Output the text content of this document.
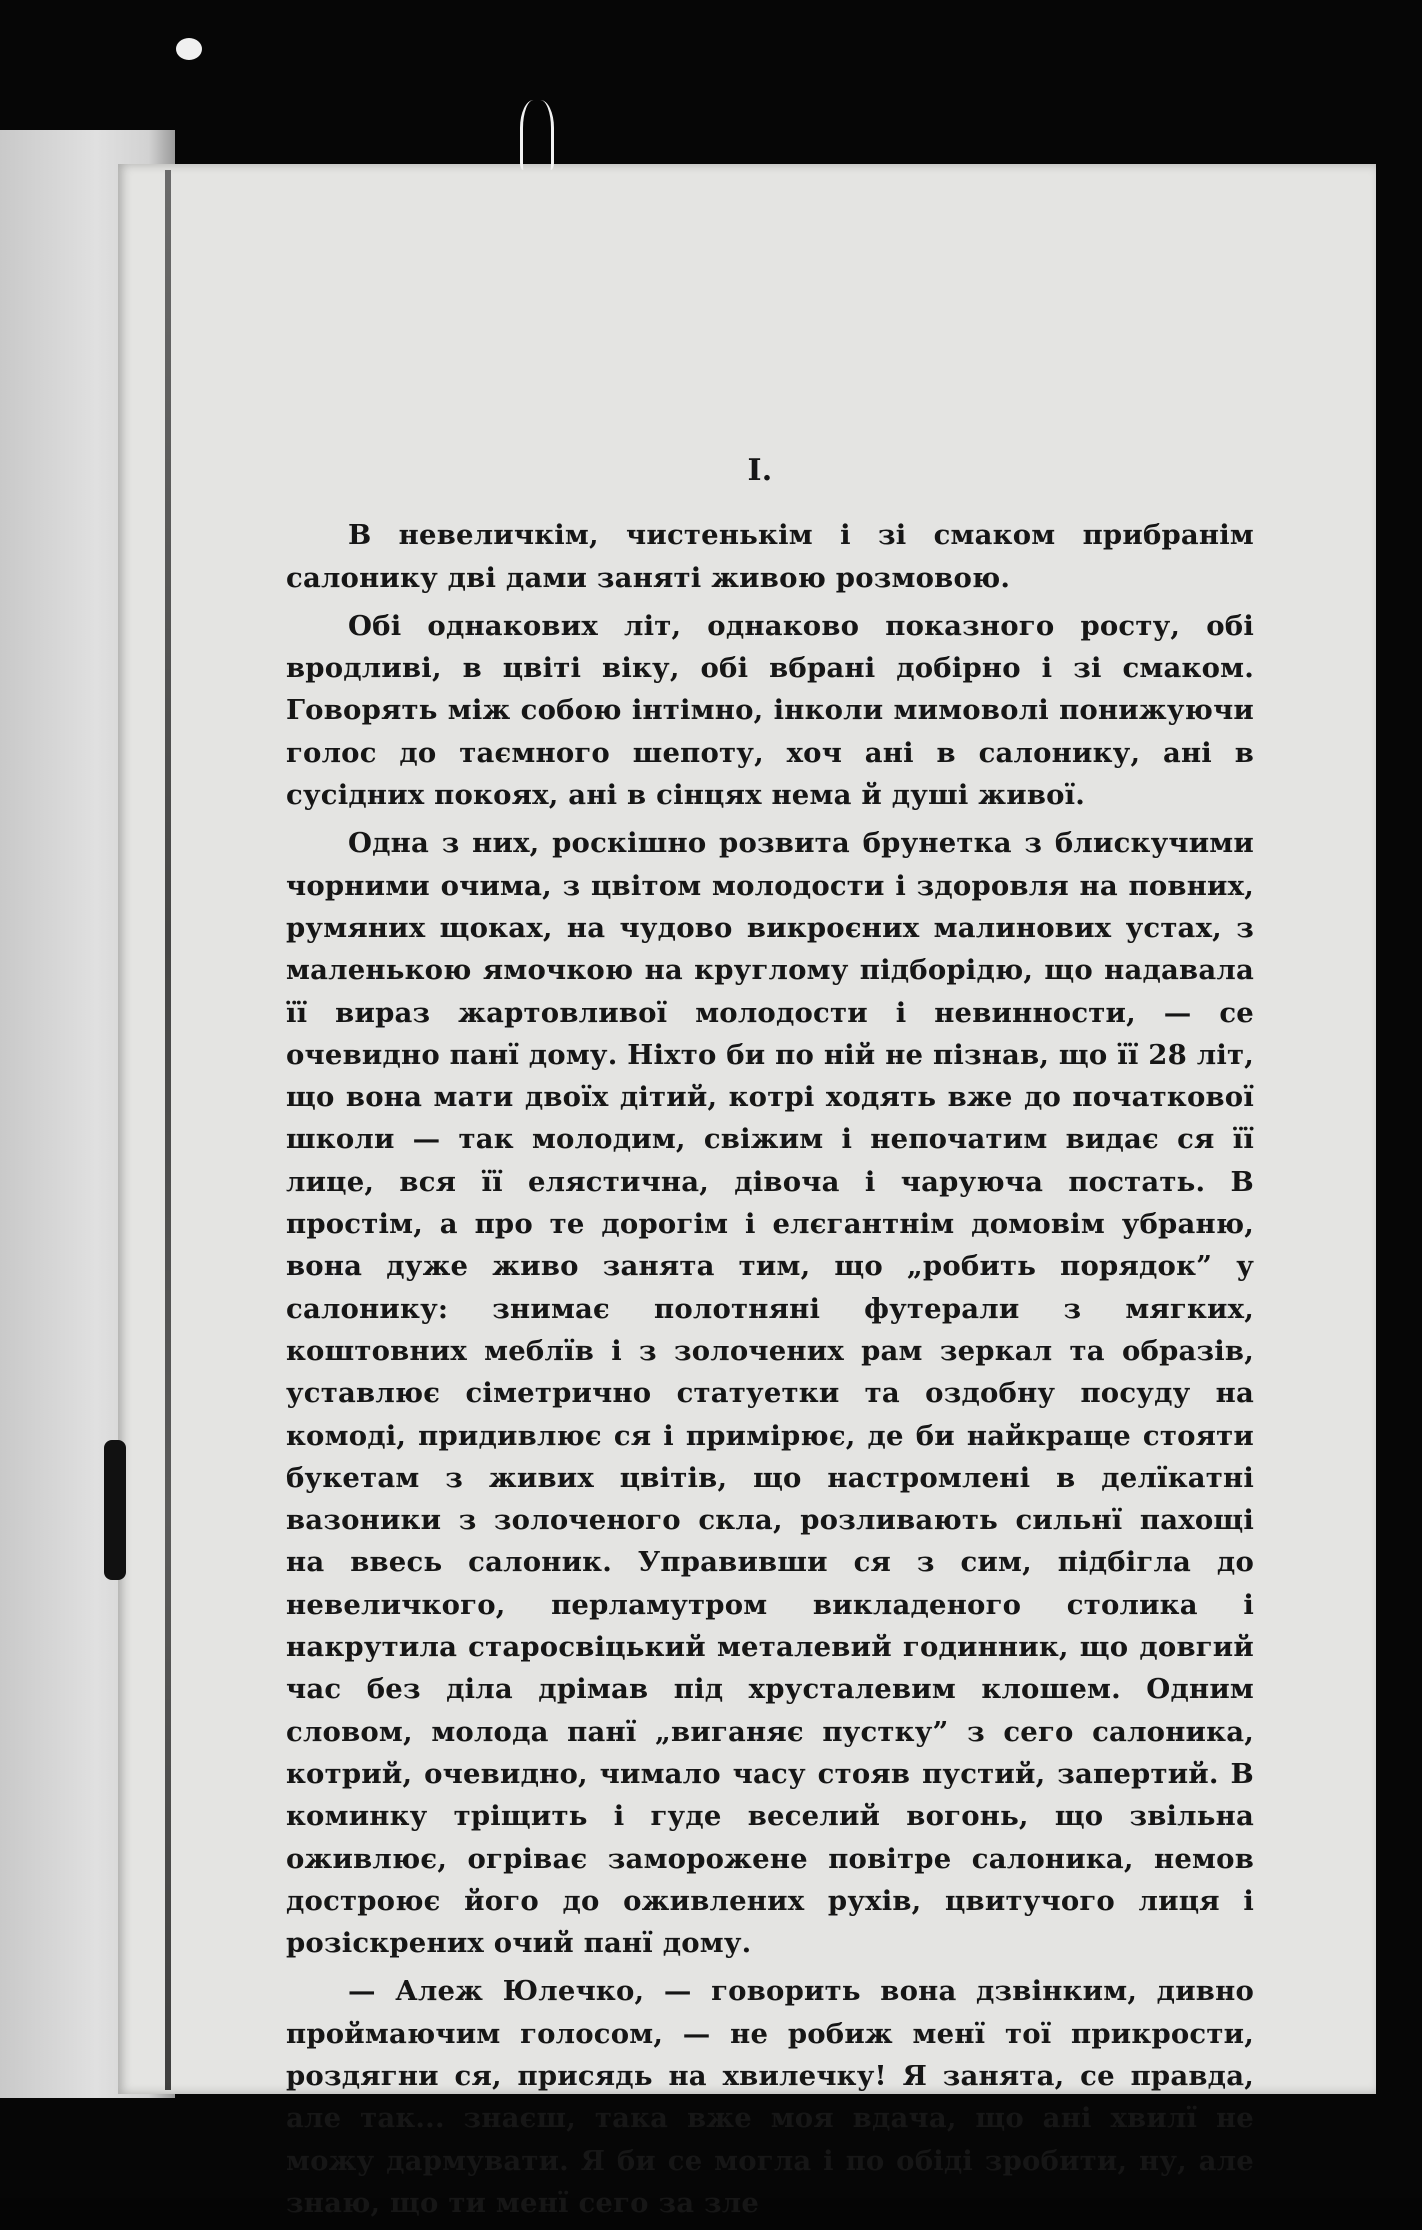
I.

В невеличкім, чистенькім і зі смаком прибранім салонику дві дами заняті живою розмовою.

Обі однакових літ, однаково показного росту, обі вродливі, в цвіті віку, обі вбрані добірно і зі смаком. Говорять між собою інтімно, інколи мимоволі понижуючи голос до таємного шепоту, хоч ані в салонику, ані в сусідних покоях, ані в сінцях нема й душі живої.

Одна з них, роскішно розвита брунетка з блискучими чорними очима, з цвітом молодости і здоровля на повних, румяних щоках, на чудово викроєних малинових устах, з маленькою ямочкою на круглому підборідю, що надавала її вираз жартовливої молодости і невинности, — се очевидно панї дому. Ніхто би по ній не пізнав, що її 28 літ, що вона мати двоїх дітий, котрі ходять вже до початкової школи — так молодим, свіжим і непочатим видає ся її лице, вся її елястична, дівоча і чаруюча постать. В простім, а про те дорогім і елєгантнім домовім убраню, вона дуже живо занята тим, що „робить порядок” у салонику: знимає полотняні футерали з мягких, коштовних меблїв і з золочених рам зеркал та образів, уставлює сіметрично статуетки та оздобну посуду на комоді, придивлює ся і примірює, де би найкраще стояти букетам з живих цвітів, що настромлені в делїкатні вазоники з золоченого скла, розливають сильнї пахощі на ввесь салоник. Управивши ся з сим, підбігла до невеличкого, перламутром викладеного столика і накрутила старосвіцький металевий годинник, що довгий час без діла дрімав під хрусталевим клошем. Одним словом, молода панї „виганяє пустку” з сего салоника, котрий, очевидно, чимало часу стояв пустий, запертий. В коминку тріщить і гуде веселий вогонь, що звільна оживлює, огріває заморожене повітре салоника, немов достроює його до оживлених рухів, цвитучого лиця і розіскрених очий панї дому.

— Алеж Юлечко, — говорить вона дзвінким, дивно проймаючим голосом, — не робиж менї тої прикрости, роздягни ся, присядь на хвилечку! Я занята, се правда, але так... знаєш, така вже моя вдача, що ані хвилї не можу дармувати. Я би се могла і по обіді зробити, ну, але знаю, що ти менї сего за зле
